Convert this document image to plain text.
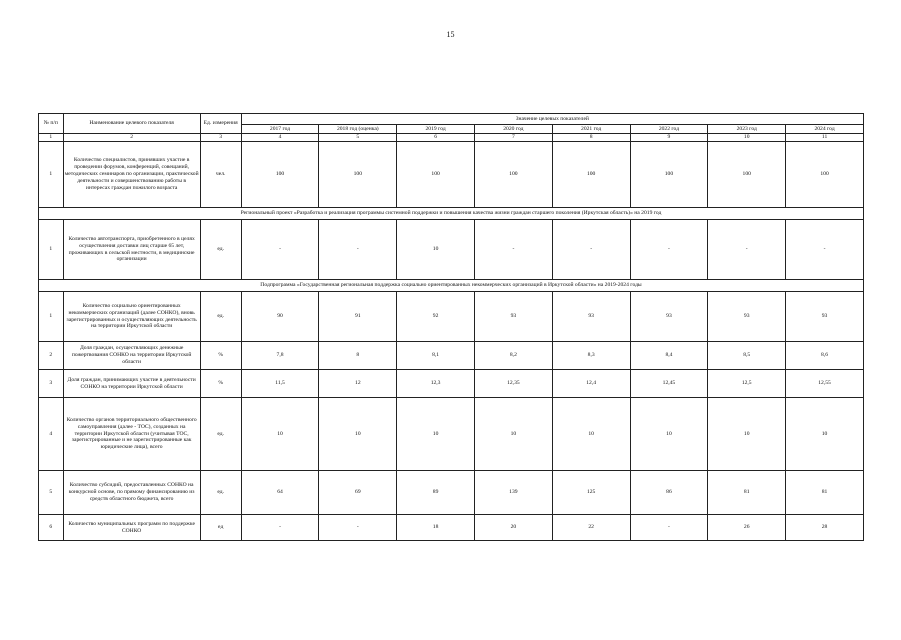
15
№ п/п	Наименование целевого показателя	Ед. измерения	Значение целевых показателей							
			2017 год	2018 год (оценка)	2019 год	2020 год	2021 год	2022 год	2023 год	2024 год
1	2	3	4	5	6	7	8	9	10	11
1	Количество специалистов, принявших участие в проведении форумов, конференций, совещаний, методических семинаров по организации, практической деятельности и совершенствованию работы в интересах граждан пожилого возраста	чел.	100	100	100	100	100	100	100	100
Региональный проект «Разработка и реализация программы системной поддержки и повышения качества жизни граждан старшего поколения (Иркутская область)» на 2019 год										
1	Количество автотранспорта, приобретенного в целях осуществления доставки лиц старше 65 лет, проживающих в сельской местности, в медицинские организации	ед.	-	-	10	-	-	-	-	-
Подпрограмма «Государственная региональная поддержка социально ориентированных некоммерческих организаций в Иркутской области» на 2019-2024 годы										
1	Количество социально ориентированных некоммерческих организаций (далее СОНКО), вновь зарегистрированных и осуществляющих деятельность на территории Иркутской области	ед.	90	91	92	93	93	93	93	93
2	Доля граждан, осуществляющих денежные пожертвования СОНКО на территории Иркутской области	%	7,8	8	8,1	8,2	8,3	8,4	8,5	8,6
3	Доля граждан, принимающих участие в деятельности СОНКО на территории Иркутской области	%	11,5	12	12,3	12,35	12,4	12,45	12,5	12,55
4	Количество органов территориального общественного самоуправления (далее - ТОС), созданных на территории Иркутской области (учитывая ТОС, зарегистрированные и не зарегистрированные как юридические лица), всего	ед.	10	10	10	10	10	10	10	10
5	Количество субсидий, предоставленных СОНКО на конкурсной основе, по прямому финансированию из средств областного бюджета, всего	ед.	64	69	89	139	125	86	81	81
6	Количество муниципальных программ по поддержке СОНКО	ед	-	-	18	20	22	-	26	28
